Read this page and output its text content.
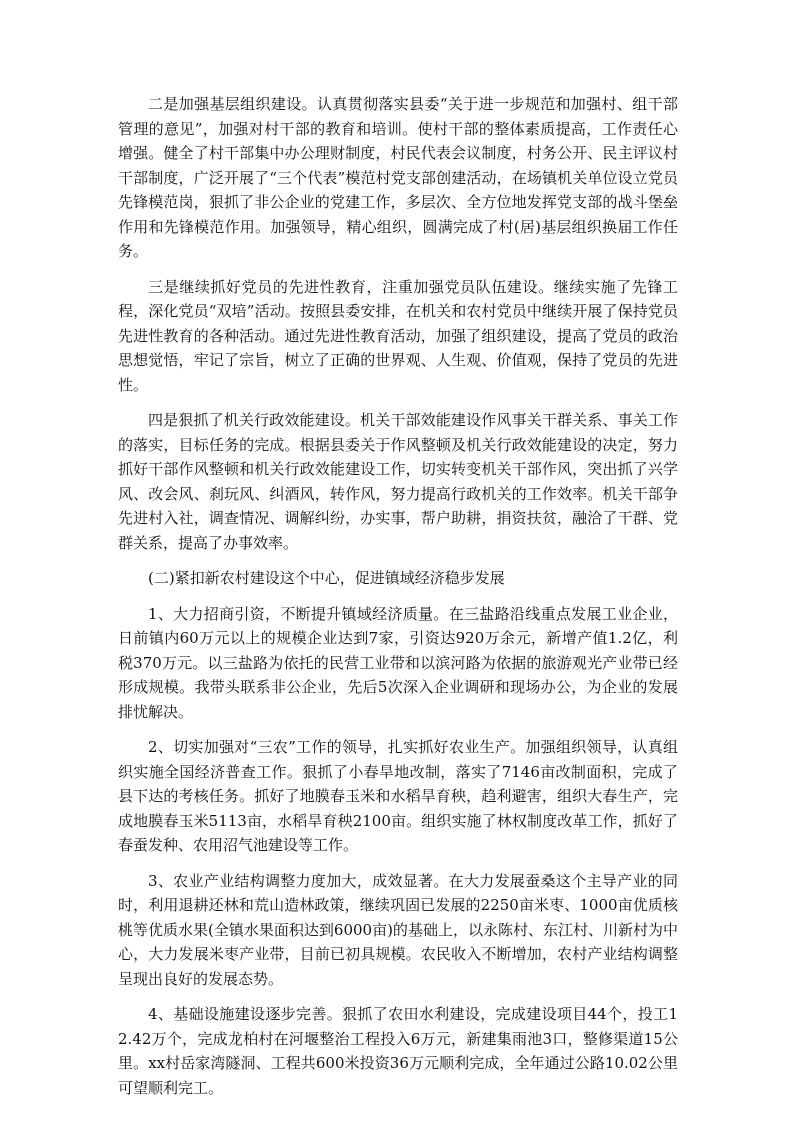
二是加强基层组织建设。认真贯彻落实县委“关于进一步规范和加强村、组干部管理的意见”，加强对村干部的教育和培训。使村干部的整体素质提高，工作责任心增强。健全了村干部集中办公理财制度，村民代表会议制度，村务公开、民主评议村干部制度，广泛开展了“三个代表”模范村党支部创建活动，在场镇机关单位设立党员先锋模范岗，狠抓了非公企业的党建工作，多层次、全方位地发挥党支部的战斗堡垒作用和先锋模范作用。加强领导，精心组织，圆满完成了村(居)基层组织换届工作任务。

三是继续抓好党员的先进性教育，注重加强党员队伍建设。继续实施了先锋工程，深化党员“双培”活动。按照县委安排，在机关和农村党员中继续开展了保持党员先进性教育的各种活动。通过先进性教育活动，加强了组织建设，提高了党员的政治思想觉悟，牢记了宗旨，树立了正确的世界观、人生观、价值观，保持了党员的先进性。

四是狠抓了机关行政效能建设。机关干部效能建设作风事关干群关系、事关工作的落实，目标任务的完成。根据县委关于作风整顿及机关行政效能建设的决定，努力抓好干部作风整顿和机关行政效能建设工作，切实转变机关干部作风，突出抓了兴学风、改会风、刹玩风、纠酒风，转作风，努力提高行政机关的工作效率。机关干部争先进村入社，调查情况、调解纠纷，办实事，帮户助耕，捐资扶贫，融洽了干群、党群关系，提高了办事效率。

(二)紧扣新农村建设这个中心，促进镇域经济稳步发展

1、大力招商引资，不断提升镇域经济质量。在三盐路沿线重点发展工业企业，日前镇内60万元以上的规模企业达到7家，引资达920万余元，新增产值1.2亿，利税370万元。以三盐路为依托的民营工业带和以滨河路为依据的旅游观光产业带已经形成规模。我带头联系非公企业，先后5次深入企业调研和现场办公，为企业的发展排忧解决。

2、切实加强对“三农”工作的领导，扎实抓好农业生产。加强组织领导，认真组织实施全国经济普查工作。狠抓了小春旱地改制，落实了7146亩改制面积，完成了县下达的考核任务。抓好了地膜春玉米和水稻旱育秧，趋利避害，组织大春生产，完成地膜春玉米5113亩，水稻旱育秧2100亩。组织实施了林权制度改革工作，抓好了春蚕发种、农用沼气池建设等工作。

3、农业产业结构调整力度加大，成效显著。在大力发展蚕桑这个主导产业的同时，利用退耕还林和荒山造林政策，继续巩固已发展的2250亩米枣、1000亩优质核桃等优质水果(全镇水果面积达到6000亩)的基础上，以永陈村、东江村、川新村为中心，大力发展米枣产业带，目前已初具规模。农民收入不断增加，农村产业结构调整呈现出良好的发展态势。

4、基础设施建设逐步完善。狠抓了农田水利建设，完成建设项目44个，投工12.42万个，完成龙柏村在河堰整治工程投入6万元，新建集雨池3口，整修渠道15公里。xx村岳家湾隧洞、工程共600米投资36万元顺利完成，全年通过公路10.02公里可望顺利完工。
